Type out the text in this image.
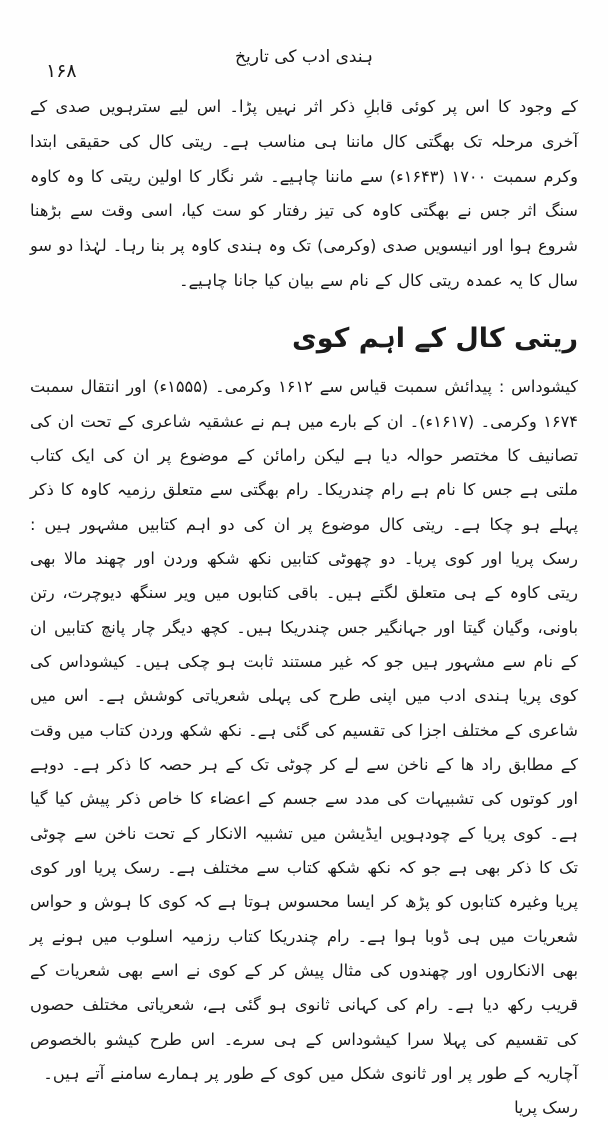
ہندی ادب کی تاریخ
۱۶۸

کے وجود کا اس پر کوئی قابلِ ذکر اثر نہیں پڑا۔ اس لیے سترہویں صدی کے آخری مرحلہ تک بھگتی کال ماننا ہی مناسب ہے۔ ریتی کال کی حقیقی ابتدا وکرم سمبت ۱۷۰۰ (۱۶۴۳ء) سے ماننا چاہیے۔ شر نگار کا اولین ریتی کا وہ کاوہ سنگ اثر جس نے بھگتی کاوہ کی تیز رفتار کو ست کیا، اسی وقت سے بڑھنا شروع ہوا اور انیسویں صدی (وکرمی) تک وہ ہندی کاوہ پر بنا رہا۔ لہٰذا دو سو سال کا یہ عمدہ ریتی کال کے نام سے بیان کیا جانا چاہیے۔

ریتی کال کے اہم کوی

کیشوداس : پیدائش سمبت قیاس سے ۱۶۱۲ وکرمی۔ (۱۵۵۵ء) اور انتقال سمبت ۱۶۷۴ وکرمی۔ (۱۶۱۷ء)۔ ان کے بارے میں ہم نے عشقیہ شاعری کے تحت ان کی تصانیف کا مختصر حوالہ دیا ہے لیکن رامائن کے موضوع پر ان کی ایک کتاب ملتی ہے جس کا نام ہے رام چندریکا۔ رام بھگتی سے متعلق رزمیہ کاوہ کا ذکر پہلے ہو چکا ہے۔ ریتی کال موضوع پر ان کی دو اہم کتابیں مشہور ہیں : رسک پریا اور کوی پریا۔ دو چھوٹی کتابیں نکھ شکھ وردن اور چھند مالا بھی ریتی کاوہ کے ہی متعلق لگتے ہیں۔ باقی کتابوں میں ویر سنگھ دیوچرت، رتن باونی، وگیان گیتا اور جہانگیر جس چندریکا ہیں۔ کچھ دیگر چار پانچ کتابیں ان کے نام سے مشہور ہیں جو کہ غیر مستند ثابت ہو چکی ہیں۔ کیشوداس کی کوی پریا ہندی ادب میں اپنی طرح کی پہلی شعریاتی کوشش ہے۔ اس میں شاعری کے مختلف اجزا کی تقسیم کی گئی ہے۔ نکھ شکھ وردن کتاب میں وقت کے مطابق راد ھا کے ناخن سے لے کر چوٹی تک کے ہر حصہ کا ذکر ہے۔ دوہے اور کوتوں کی تشبیہات کی مدد سے جسم کے اعضاء کا خاص ذکر پیش کیا گیا ہے۔ کوی پریا کے چودہویں ایڈیشن میں تشبیہ الانکار کے تحت ناخن سے چوٹی تک کا ذکر بھی ہے جو کہ نکھ شکھ کتاب سے مختلف ہے۔ رسک پریا اور کوی پریا وغیرہ کتابوں کو پڑھ کر ایسا محسوس ہوتا ہے کہ کوی کا ہوش و حواس شعریات میں ہی ڈوبا ہوا ہے۔ رام چندریکا کتاب رزمیہ اسلوب میں ہونے پر بھی الانکاروں اور چھندوں کی مثال پیش کر کے کوی نے اسے بھی شعریات کے قریب رکھ دیا ہے۔ رام کی کہانی ثانوی ہو گئی ہے، شعریاتی مختلف حصوں کی تقسیم کی پہلا سرا کیشوداس کے ہی سرے۔ اس طرح کیشو بالخصوص آچاریہ کے طور پر اور ثانوی شکل میں کوی کے طور پر ہمارے سامنے آتے ہیں۔

رسک پریا
